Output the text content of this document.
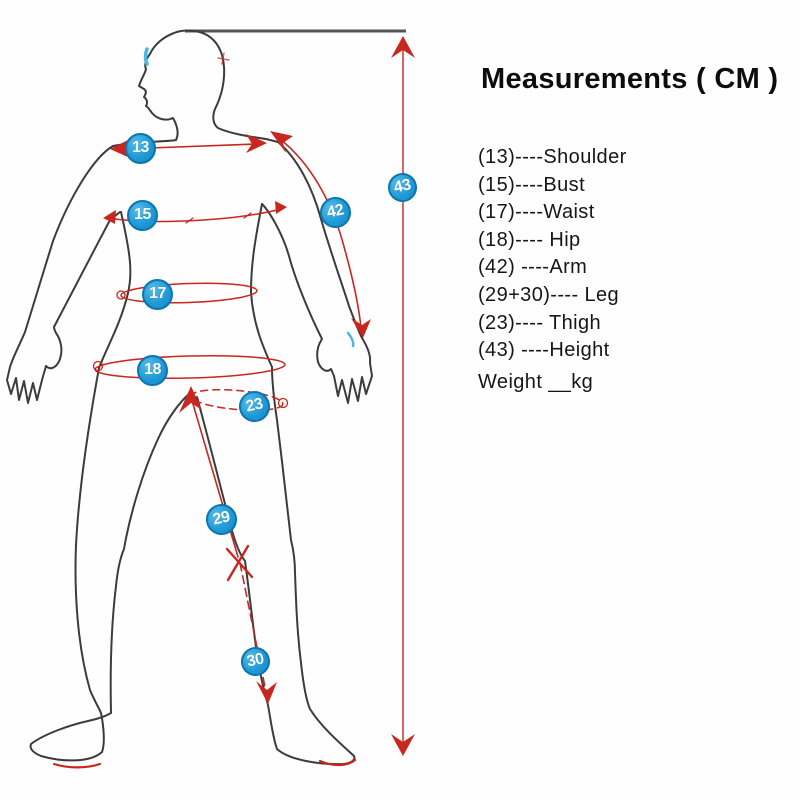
13
15
17
18
42
43
23
29
30
Measurements ( CM )
(13)----Shoulder
(15)----Bust
(17)----Waist
(18)---- Hip
(42) ----Arm
(29+30)---- Leg
(23)---- Thigh
(43) ----Height
Weight __kg
